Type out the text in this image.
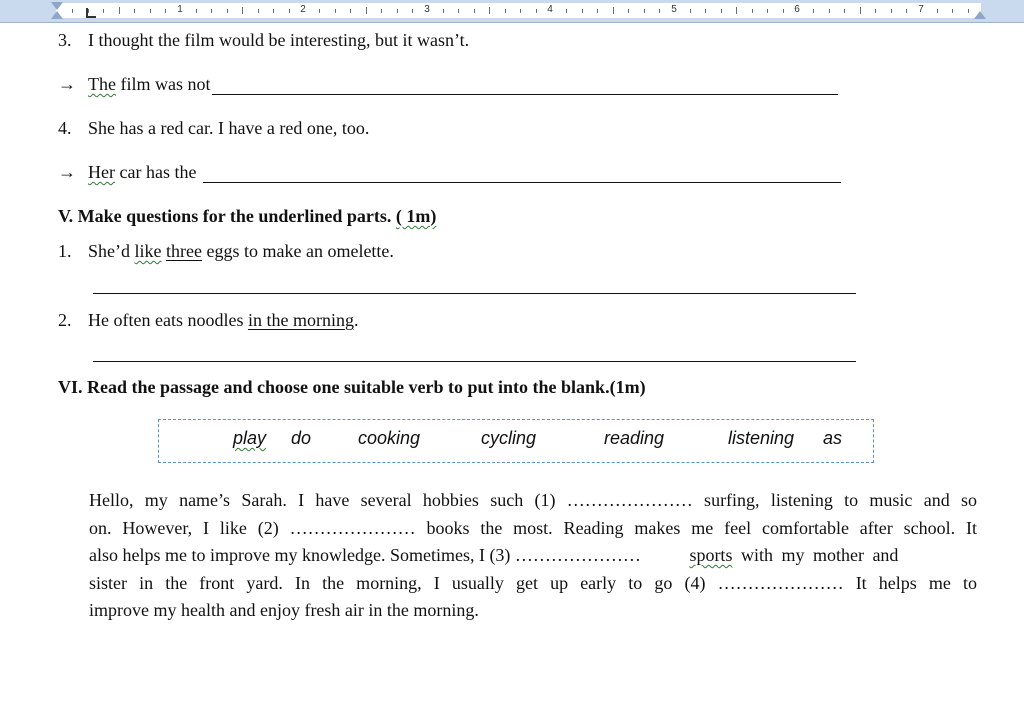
1	2	3	4	5	6	7
3. I thought the film would be interesting, but it wasn’t.
→ The film was not
4. She has a red car. I have a red one, too.
→ Her car has the
V. Make questions for the underlined parts. ( 1m)
1. She’d like three eggs to make an omelette.
2. He often eats noodles in the morning.
VI. Read the passage and choose one suitable verb to put into the blank.(1m)
play do	cooking	cycling	reading	listening as
Hello, my name’s Sarah. I have several hobbies such (1) ………………… surfing, listening to music and so
on. However, I like (2) ………………… books the most. Reading makes me feel comfortable after school. It
also helps me to improve my knowledge. Sometimes, I (3) ………………… sports with my mother and
sister in the front yard. In the morning, I usually get up early to go (4) ………………… It helps me to
improve my health and enjoy fresh air in the morning.
